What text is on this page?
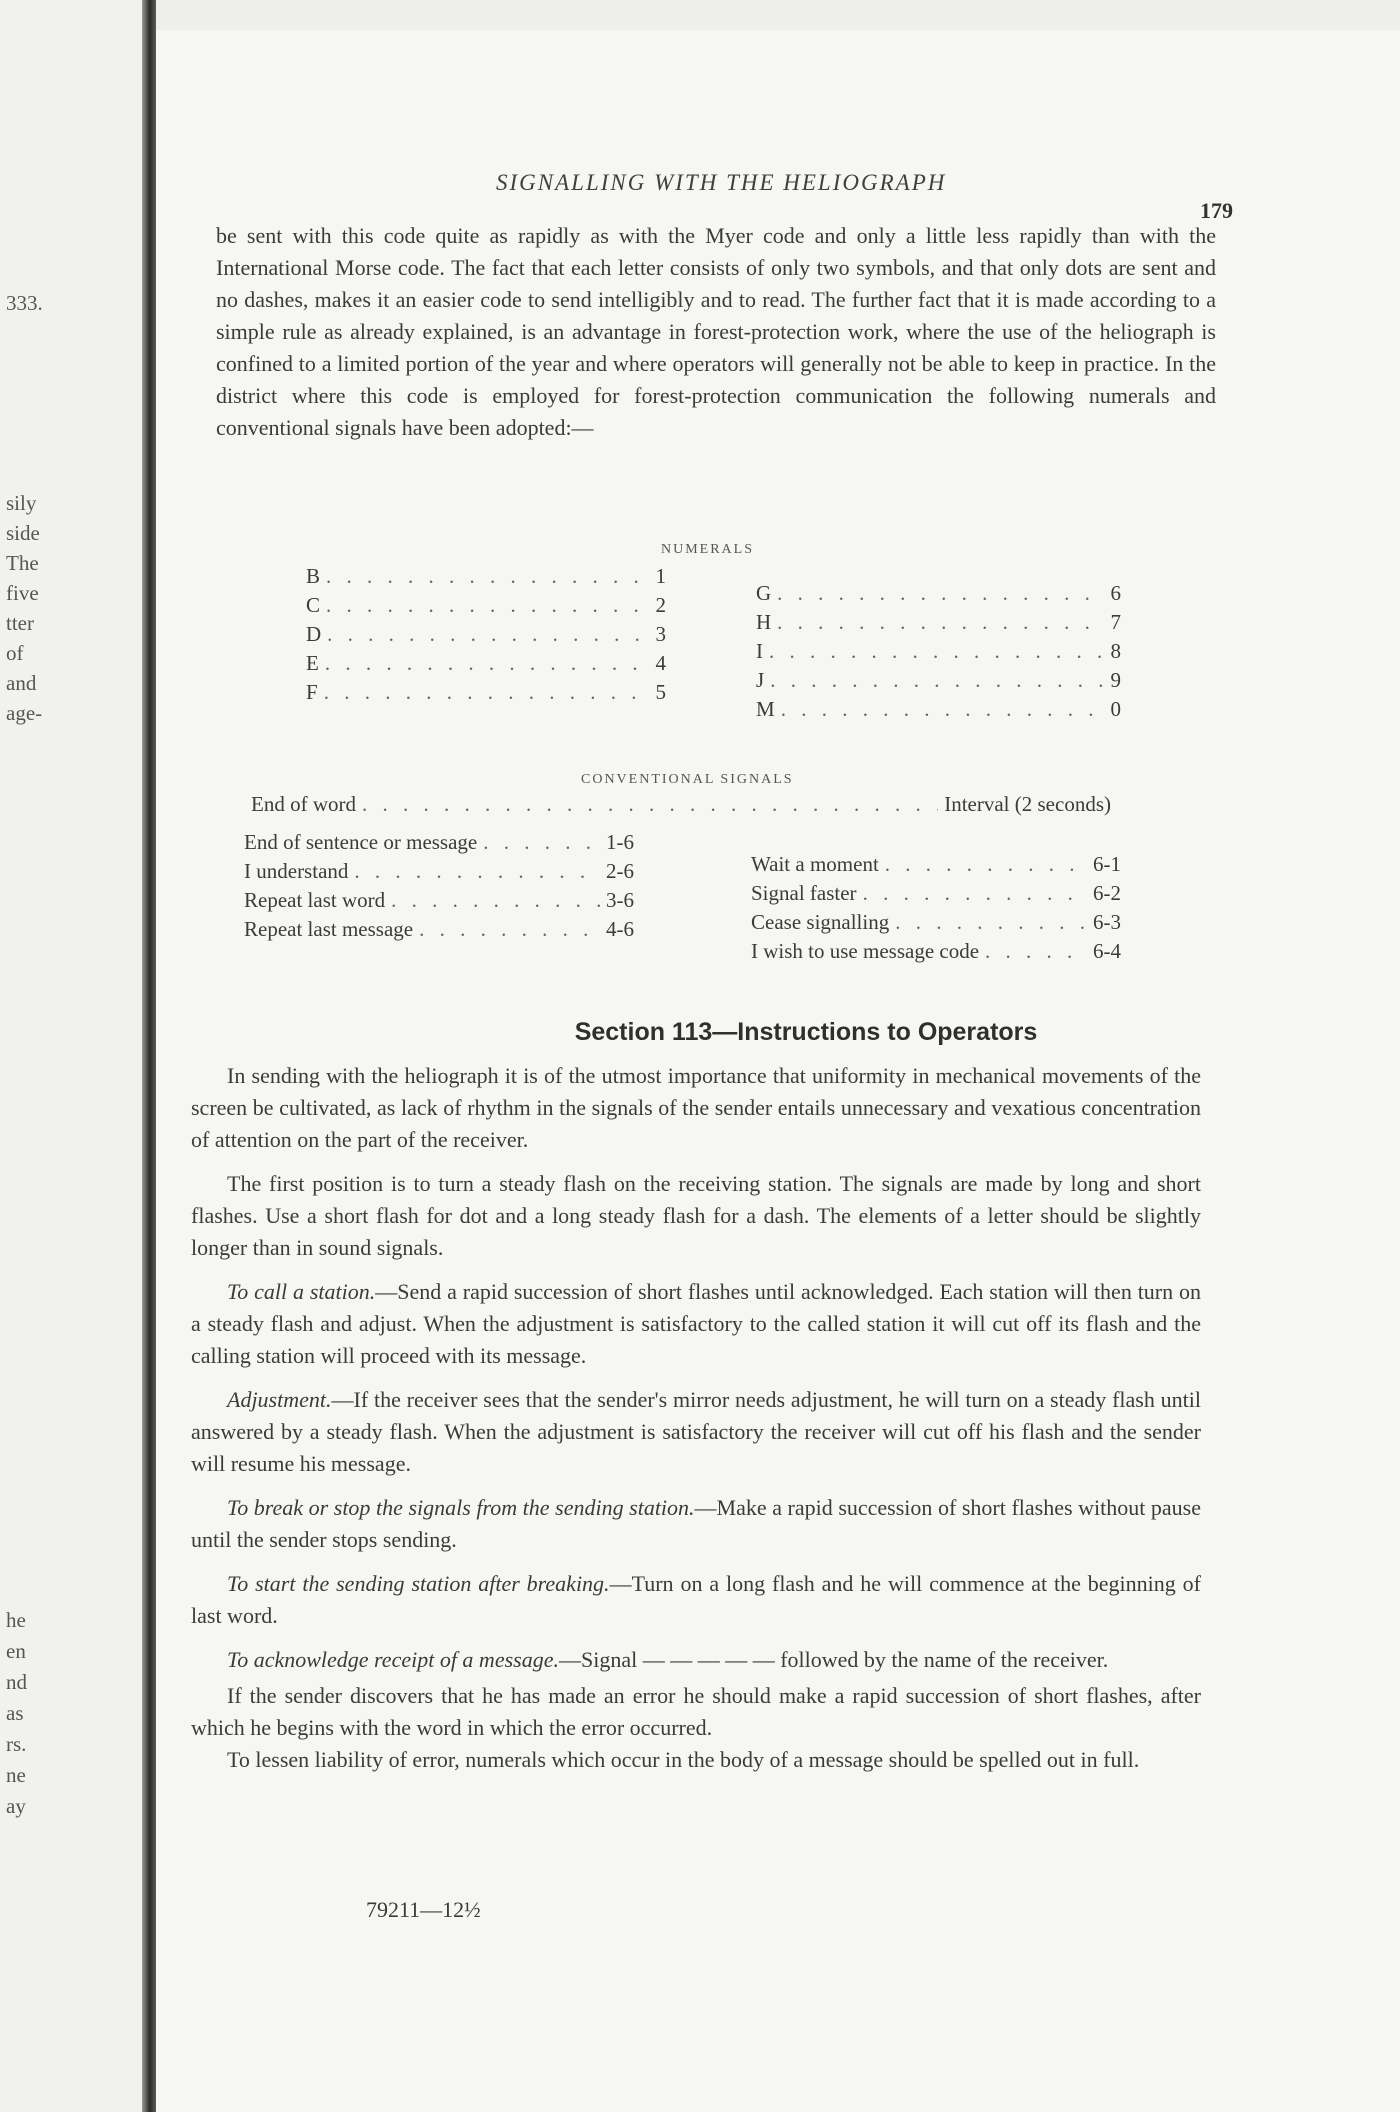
333.
sily
side
The
five
tter
of
and
age-
he
en
nd
as
rs.
ne
ay
SIGNALLING WITH THE HELIOGRAPH
179

be sent with this code quite as rapidly as with the Myer code and only a little less rapidly than with the International Morse code. The fact that each letter consists of only two symbols, and that only dots are sent and no dashes, makes it an easier code to send intelligibly and to read. The further fact that it is made according to a simple rule as already explained, is an advantage in forest-protection work, where the use of the heliograph is confined to a limited portion of the year and where operators will generally not be able to keep in practice. In the district where this code is employed for forest-protection communication the following numerals and conventional signals have been adopted:—

NUMERALS
B . . .	1
C . . .	2
D . . .	3
E . . .	4
F . . .	5
G . . .	6
H . . .	7
I . . .	8
J . . .	9
M . . .	0
CONVENTIONAL SIGNALS
End of word . . .	Interval (2 seconds)
End of sentence or message . . .	1-6
I understand . . .	2-6
Repeat last word . . .	3-6
Repeat last message . . .	4-6
Wait a moment . . .	6-1
Signal faster . . .	6-2
Cease signalling . . .	6-3
I wish to use message code . . .	6-4
Section 113—Instructions to Operators

In sending with the heliograph it is of the utmost importance that uniformity in mechanical movements of the screen be cultivated, as lack of rhythm in the signals of the sender entails unnecessary and vexatious concentration of attention on the part of the receiver.

The first position is to turn a steady flash on the receiving station. The signals are made by long and short flashes. Use a short flash for dot and a long steady flash for a dash. The elements of a letter should be slightly longer than in sound signals.

To call a station.—Send a rapid succession of short flashes until acknowledged. Each station will then turn on a steady flash and adjust. When the adjustment is satisfactory to the called station it will cut off its flash and the calling station will proceed with its message.

Adjustment.—If the receiver sees that the sender's mirror needs adjustment, he will turn on a steady flash until answered by a steady flash. When the adjustment is satisfactory the receiver will cut off his flash and the sender will resume his message.

To break or stop the signals from the sending station.—Make a rapid succession of short flashes without pause until the sender stops sending.

To start the sending station after breaking.—Turn on a long flash and he will commence at the beginning of last word.

To acknowledge receipt of a message.—Signal — — — — — followed by the name of the receiver.

If the sender discovers that he has made an error he should make a rapid succession of short flashes, after which he begins with the word in which the error occurred.

To lessen liability of error, numerals which occur in the body of a message should be spelled out in full.

79211—12½
